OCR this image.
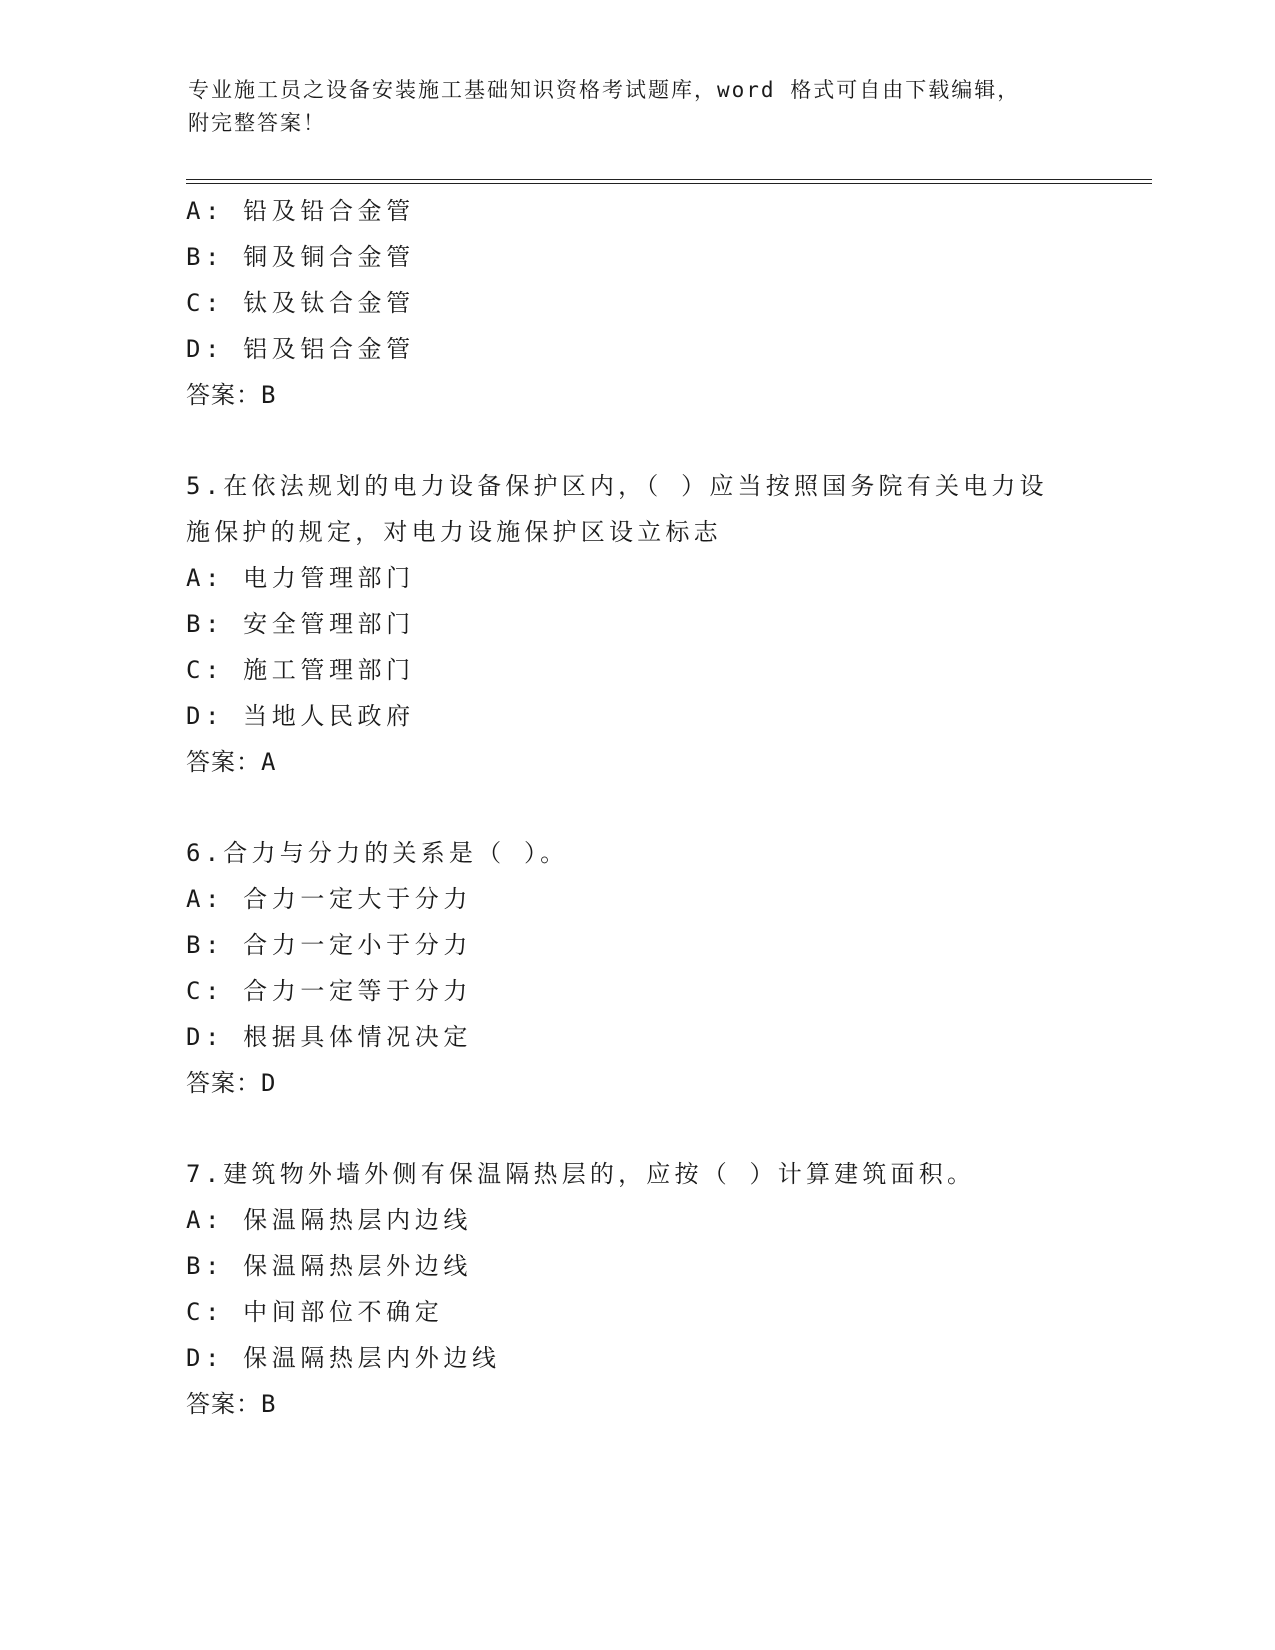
专业施工员之设备安装施工基础知识资格考试题库，word 格式可自由下载编辑，
附完整答案！
A: 铅及铅合金管
B: 铜及铜合金管
C: 钛及钛合金管
D: 铝及铝合金管
答案：B
5.在依法规划的电力设备保护区内，（ ）应当按照国务院有关电力设
施保护的规定，对电力设施保护区设立标志
A: 电力管理部门
B: 安全管理部门
C: 施工管理部门
D: 当地人民政府
答案：A
6.合力与分力的关系是（ ）。
A: 合力一定大于分力
B: 合力一定小于分力
C: 合力一定等于分力
D: 根据具体情况决定
答案：D
7.建筑物外墙外侧有保温隔热层的，应按（ ）计算建筑面积。
A: 保温隔热层内边线
B: 保温隔热层外边线
C: 中间部位不确定
D: 保温隔热层内外边线
答案：B
